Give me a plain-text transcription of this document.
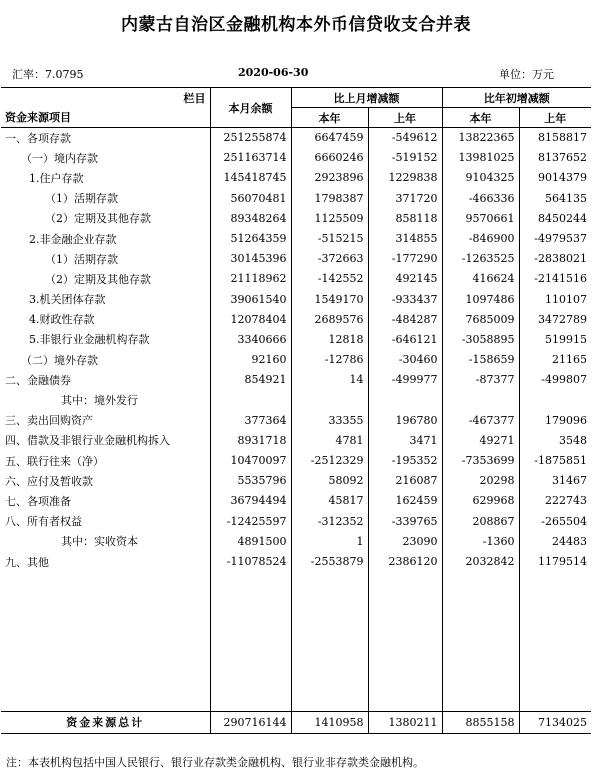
内蒙古自治区金融机构本外币信贷收支合并表
汇率：7.0795	2020-06-30	单位：万元
栏目
资金来源项目	本月余额	比上月增减额		比年初增减额	
		本年	上年	本年	上年
一、各项存款	251255874	6647459	-549612	13822365	8158817
（一）境内存款	251163714	6660246	-519152	13981025	8137652
1.住户存款	145418745	2923896	1229838	9104325	9014379
（1）活期存款	56070481	1798387	371720	-466336	564135
（2）定期及其他存款	89348264	1125509	858118	9570661	8450244
2.非金融企业存款	51264359	-515215	314855	-846900	-4979537
（1）活期存款	30145396	-372663	-177290	-1263525	-2838021
（2）定期及其他存款	21118962	-142552	492145	416624	-2141516
3.机关团体存款	39061540	1549170	-933437	1097486	110107
4.财政性存款	12078404	2689576	-484287	7685009	3472789
5.非银行业金融机构存款	3340666	12818	-646121	-3058895	519915
（二）境外存款	92160	-12786	-30460	-158659	21165
二、金融债券	854921	14	-499977	-87377	-499807
其中：境外发行					
三、卖出回购资产	377364	33355	196780	-467377	179096
四、借款及非银行业金融机构拆入	8931718	4781	3471	49271	3548
五、联行往来（净）	10470097	-2512329	-195352	-7353699	-1875851
六、应付及暂收款	5535796	58092	216087	20298	31467
七、各项准备	36794494	45817	162459	629968	222743
八、所有者权益	-12425597	-312352	-339765	208867	-265504
其中：实收资本	4891500	1	23090	-1360	24483
九、其他	-11078524	-2553879	2386120	2032842	1179514

资金来源总计	290716144	1410958	1380211	8855158	7134025
注：本表机构包括中国人民银行、银行业存款类金融机构、银行业非存款类金融机构。
